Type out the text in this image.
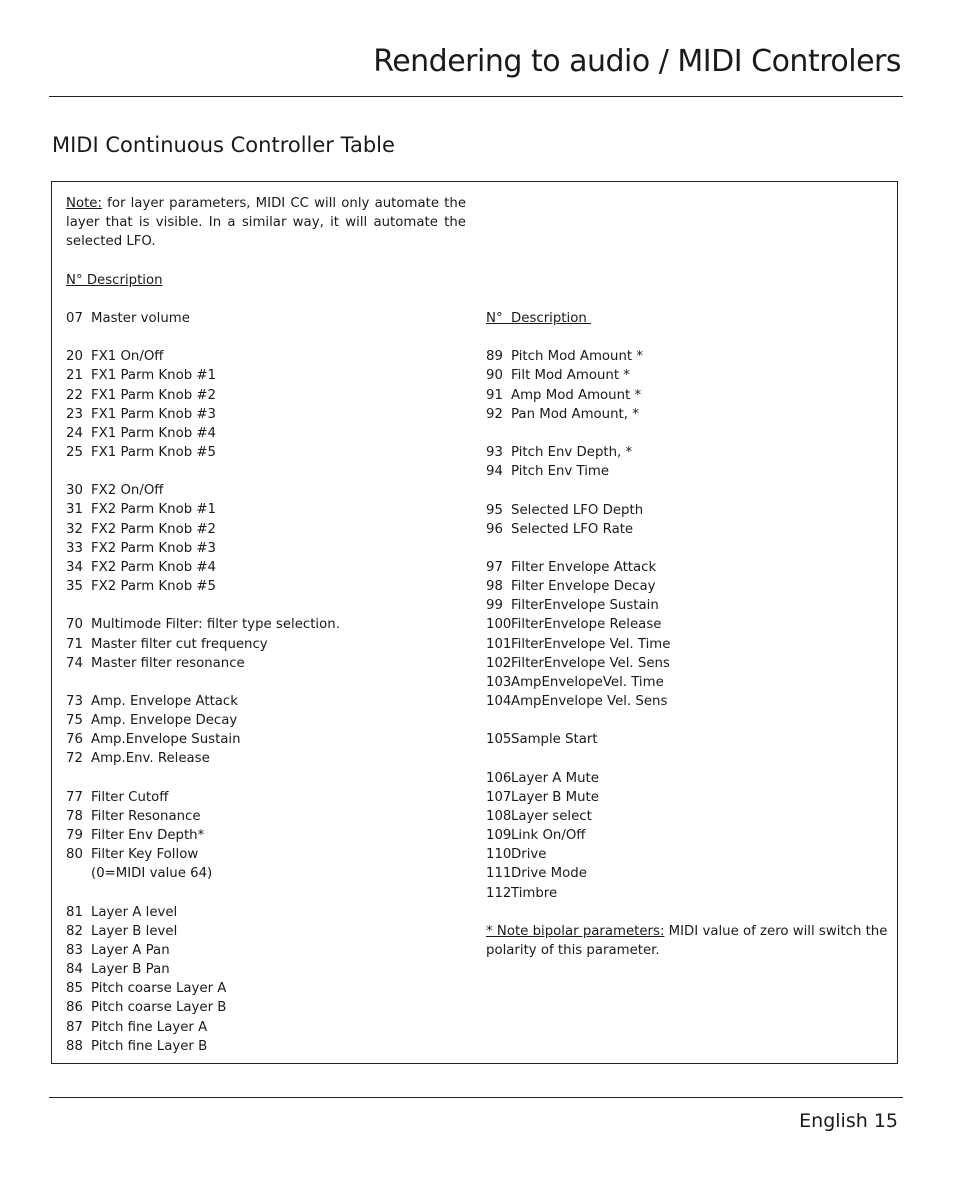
Rendering to audio / MIDI Controlers
MIDI Continuous Controller Table
Note: for layer parameters, MIDI CC will only automate the layer that is visible. In a similar way, it will automate the selected LFO.
N° Description
07 Master volume
20 FX1 On/Off
21 FX1 Parm Knob #1
22 FX1 Parm Knob #2
23 FX1 Parm Knob #3
24 FX1 Parm Knob #4
25 FX1 Parm Knob #5
30 FX2 On/Off
31 FX2 Parm Knob #1
32 FX2 Parm Knob #2
33 FX2 Parm Knob #3
34 FX2 Parm Knob #4
35 FX2 Parm Knob #5
70 Multimode Filter: filter type selection.
71 Master filter cut frequency
74 Master filter resonance
73 Amp. Envelope Attack
75 Amp. Envelope Decay
76 Amp.Envelope Sustain
72 Amp.Env. Release
77 Filter Cutoff
78 Filter Resonance
79 Filter Env Depth*
80 Filter Key Follow
(0=MIDI value 64)
81 Layer A level
82 Layer B level
83 Layer A Pan
84 Layer B Pan
85 Pitch coarse Layer A
86 Pitch coarse Layer B
87 Pitch fine Layer A
88 Pitch fine Layer B
N°  Description
89 Pitch Mod Amount *
90 Filt Mod Amount *
91 Amp Mod Amount *
92 Pan Mod Amount, *
93 Pitch Env Depth, *
94 Pitch Env Time
95 Selected LFO Depth
96 Selected LFO Rate
97 Filter Envelope Attack
98 Filter Envelope Decay
99 FilterEnvelope Sustain
100 FilterEnvelope Release
101 FilterEnvelope Vel. Time
102 FilterEnvelope Vel. Sens
103 AmpEnvelopeVel. Time
104 AmpEnvelope Vel. Sens
105 Sample Start
106 Layer A Mute
107 Layer B Mute
108 Layer select
109 Link On/Off
110 Drive
111 Drive Mode
112 Timbre
* Note bipolar parameters: MIDI value of zero will switch the polarity of this parameter.

English 15
